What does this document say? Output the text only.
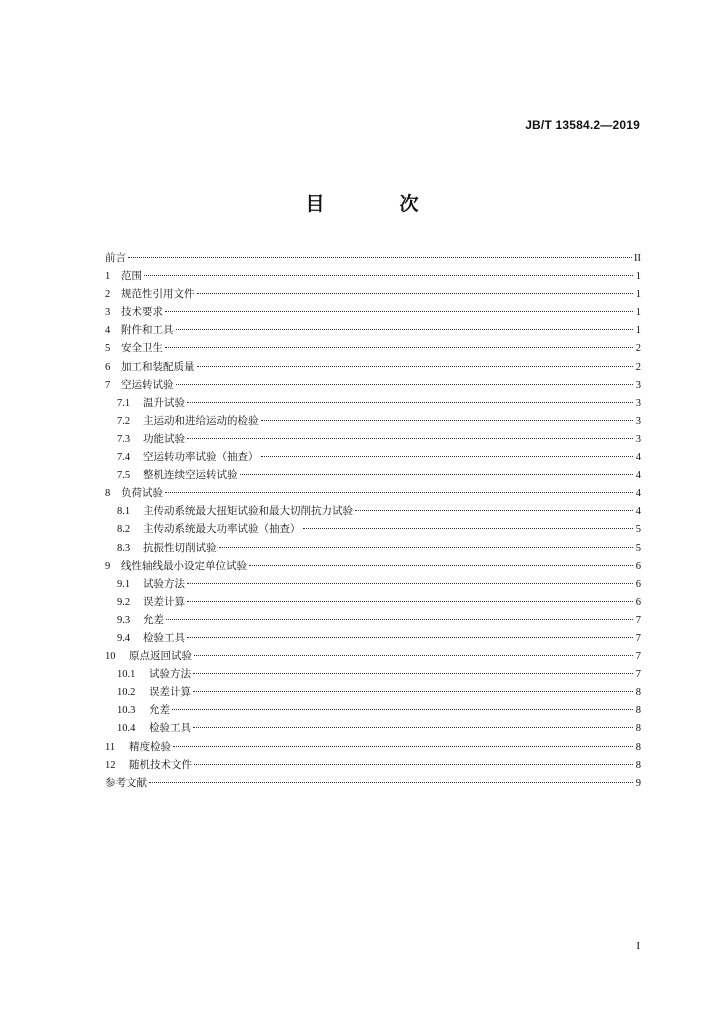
JB/T 13584.2—2019
目　次
前言	II
1	范围	1
2	规范性引用文件	1
3	技术要求	1
4	附件和工具	1
5	安全卫生	2
6	加工和装配质量	2
7	空运转试验	3
7.1	温升试验	3
7.2	主运动和进给运动的检验	3
7.3	功能试验	3
7.4	空运转功率试验（抽查）	4
7.5	整机连续空运转试验	4
8	负荷试验	4
8.1	主传动系统最大扭矩试验和最大切削抗力试验	4
8.2	主传动系统最大功率试验（抽查）	5
8.3	抗振性切削试验	5
9	线性轴线最小设定单位试验	6
9.1	试验方法	6
9.2	误差计算	6
9.3	允差	7
9.4	检验工具	7
10	原点返回试验	7
10.1	试验方法	7
10.2	误差计算	8
10.3	允差	8
10.4	检验工具	8
11	精度检验	8
12	随机技术文件	8
参考文献	9
I
